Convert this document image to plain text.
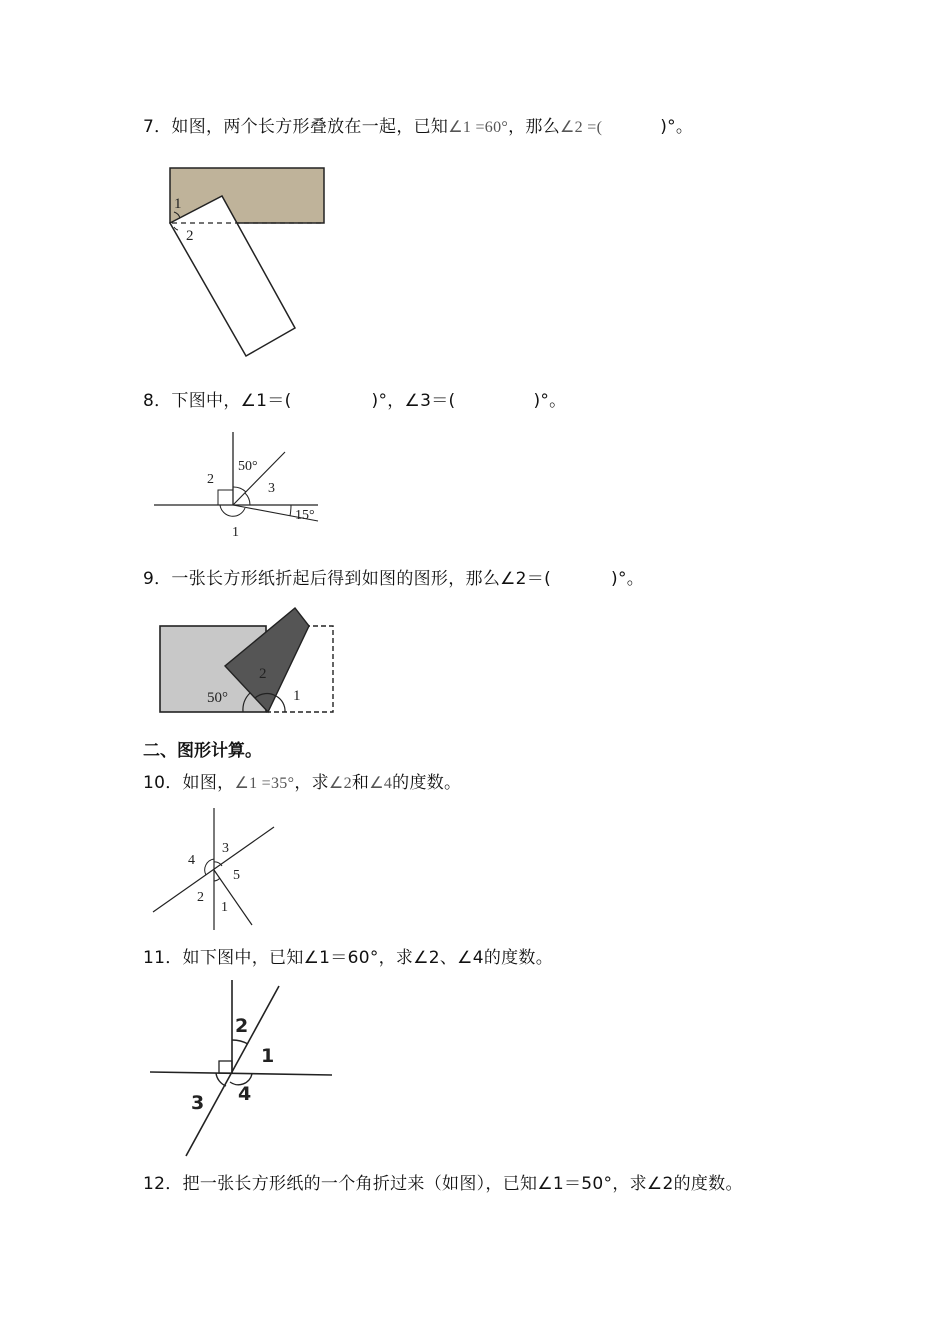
7．如图，两个长方形叠放在一起，已知∠1 =60°，那么∠2 =(	)°。
1
2
8．下图中，∠1＝(	)°，∠3＝(	)°。
50°
2
3
15°
1
9．一张长方形纸折起后得到如图的图形，那么∠2＝(	)°。
50°
2
1
二、图形计算。
10．如图，∠1 =35°，求∠2和∠4的度数。
3
4
5
2
1
11．如下图中，已知∠1＝60°，求∠2、∠4的度数。
2
1
3 4
12．把一张长方形纸的一个角折过来（如图），已知∠1＝50°，求∠2的度数。
